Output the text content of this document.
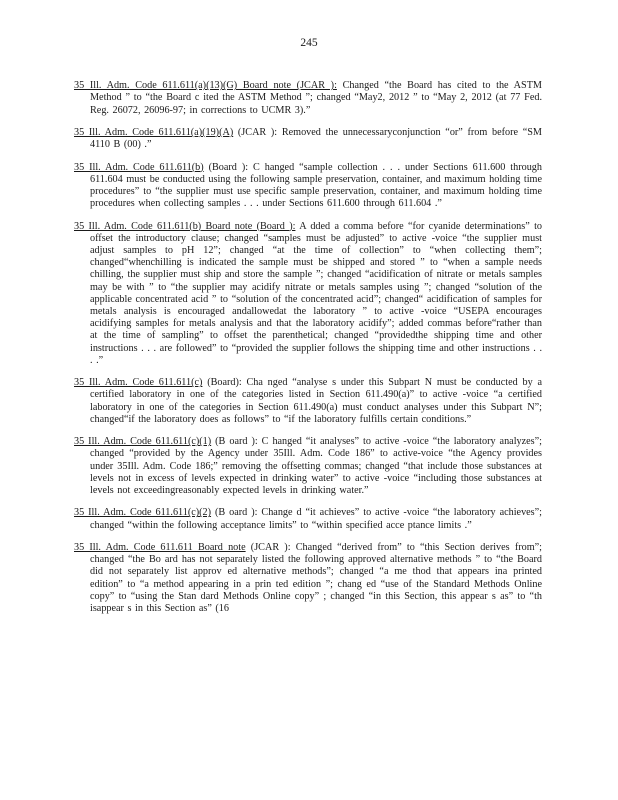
245

35 Ill. Adm. Code 611.611(a)(13)(G) Board note (JCAR ): Changed “the Board has cited to the ASTM Method ” to “the Board c ited the ASTM Method ”; changed “May2, 2012 ” to “May 2, 2012 (at 77 Fed. Reg. 26072, 26096-97; in corrections to UCMR 3).”

35 Ill. Adm. Code 611.611(a)(19)(A) (JCAR ): Removed the unnecessaryconjunction “or” from before “SM 4110 B (00) .”

35 Ill. Adm. Code 611.611(b) (Board ): C hanged “sample collection . . . under Sections 611.600 through 611.604 must be conducted using the following sample preservation, container, and maximum holding time procedures” to “the supplier must use specific sample preservation, container, and maximum holding time procedures when collecting samples . . . under Sections 611.600 through 611.604 .”

35 Ill. Adm. Code 611.611(b) Board note (Board ): A dded a comma before “for cyanide determinations” to offset the introductory clause; changed “samples must be adjusted” to active -voice “the supplier must adjust samples to pH 12”; changed “at the time of collection” to “when collecting them”; changed“whenchilling is indicated the sample must be shipped and stored ” to “when a sample needs chilling, the supplier must ship and store the sample ”; changed “acidification of nitrate or metals samples may be with ” to “the supplier may acidify nitrate or metals samples using ”; changed “solution of the applicable concentrated acid ” to “solution of the concentrated acid”; changed“ acidification of samples for metals analysis is encouraged andallowedat the laboratory ” to active -voice “USEPA encourages acidifying samples for metals analysis and that the laboratory acidify”; added commas before“rather than at the time of sampling” to offset the parenthetical; changed “providedthe shipping time and other instructions . . . are followed” to “provided the supplier follows the shipping time and other instructions . . . .”

35 Ill. Adm. Code 611.611(c) (Board): Cha nged “analyse s under this Subpart N must be conducted by a certified laboratory in one of the categories listed in Section 611.490(a)” to active -voice “a certified laboratory in one of the categories in Section 611.490(a) must conduct analyses under this Subpart N”; changed“if the laboratory does as follows” to “if the laboratory fulfills certain conditions.”

35 Ill. Adm. Code 611.611(c)(1) (B oard ): C hanged “it analyses” to active -voice “the laboratory analyzes”; changed “provided by the Agency under 35Ill. Adm. Code 186” to active-voice “the Agency provides under 35Ill. Adm. Code 186;” removing the offsetting commas; changed “that include those substances at levels not in excess of levels expected in drinking water” to active -voice “including those substances at levels not exceedingreasonably expected levels in drinking water.”

35 Ill. Adm. Code 611.611(c)(2) (B oard ): Change d “it achieves” to active -voice “the laboratory achieves”; changed “within the following acceptance limits” to “within specified acce ptance limits .”

35 Ill. Adm. Code 611.611 Board note (JCAR ): Changed “derived from” to “this Section derives from”; changed “the Bo ard has not separately listed the following approved alternative methods ” to “the Board did not separately list approv ed alternative methods”; changed “a me thod that appears ina printed edition” to “a method appearing in a prin ted edition ”; chang ed “use of the Standard Methods Online copy” to “using the Stan dard Methods Online copy” ; changed “in this Section, this appear s as” to “th isappear s in this Section as” (16
